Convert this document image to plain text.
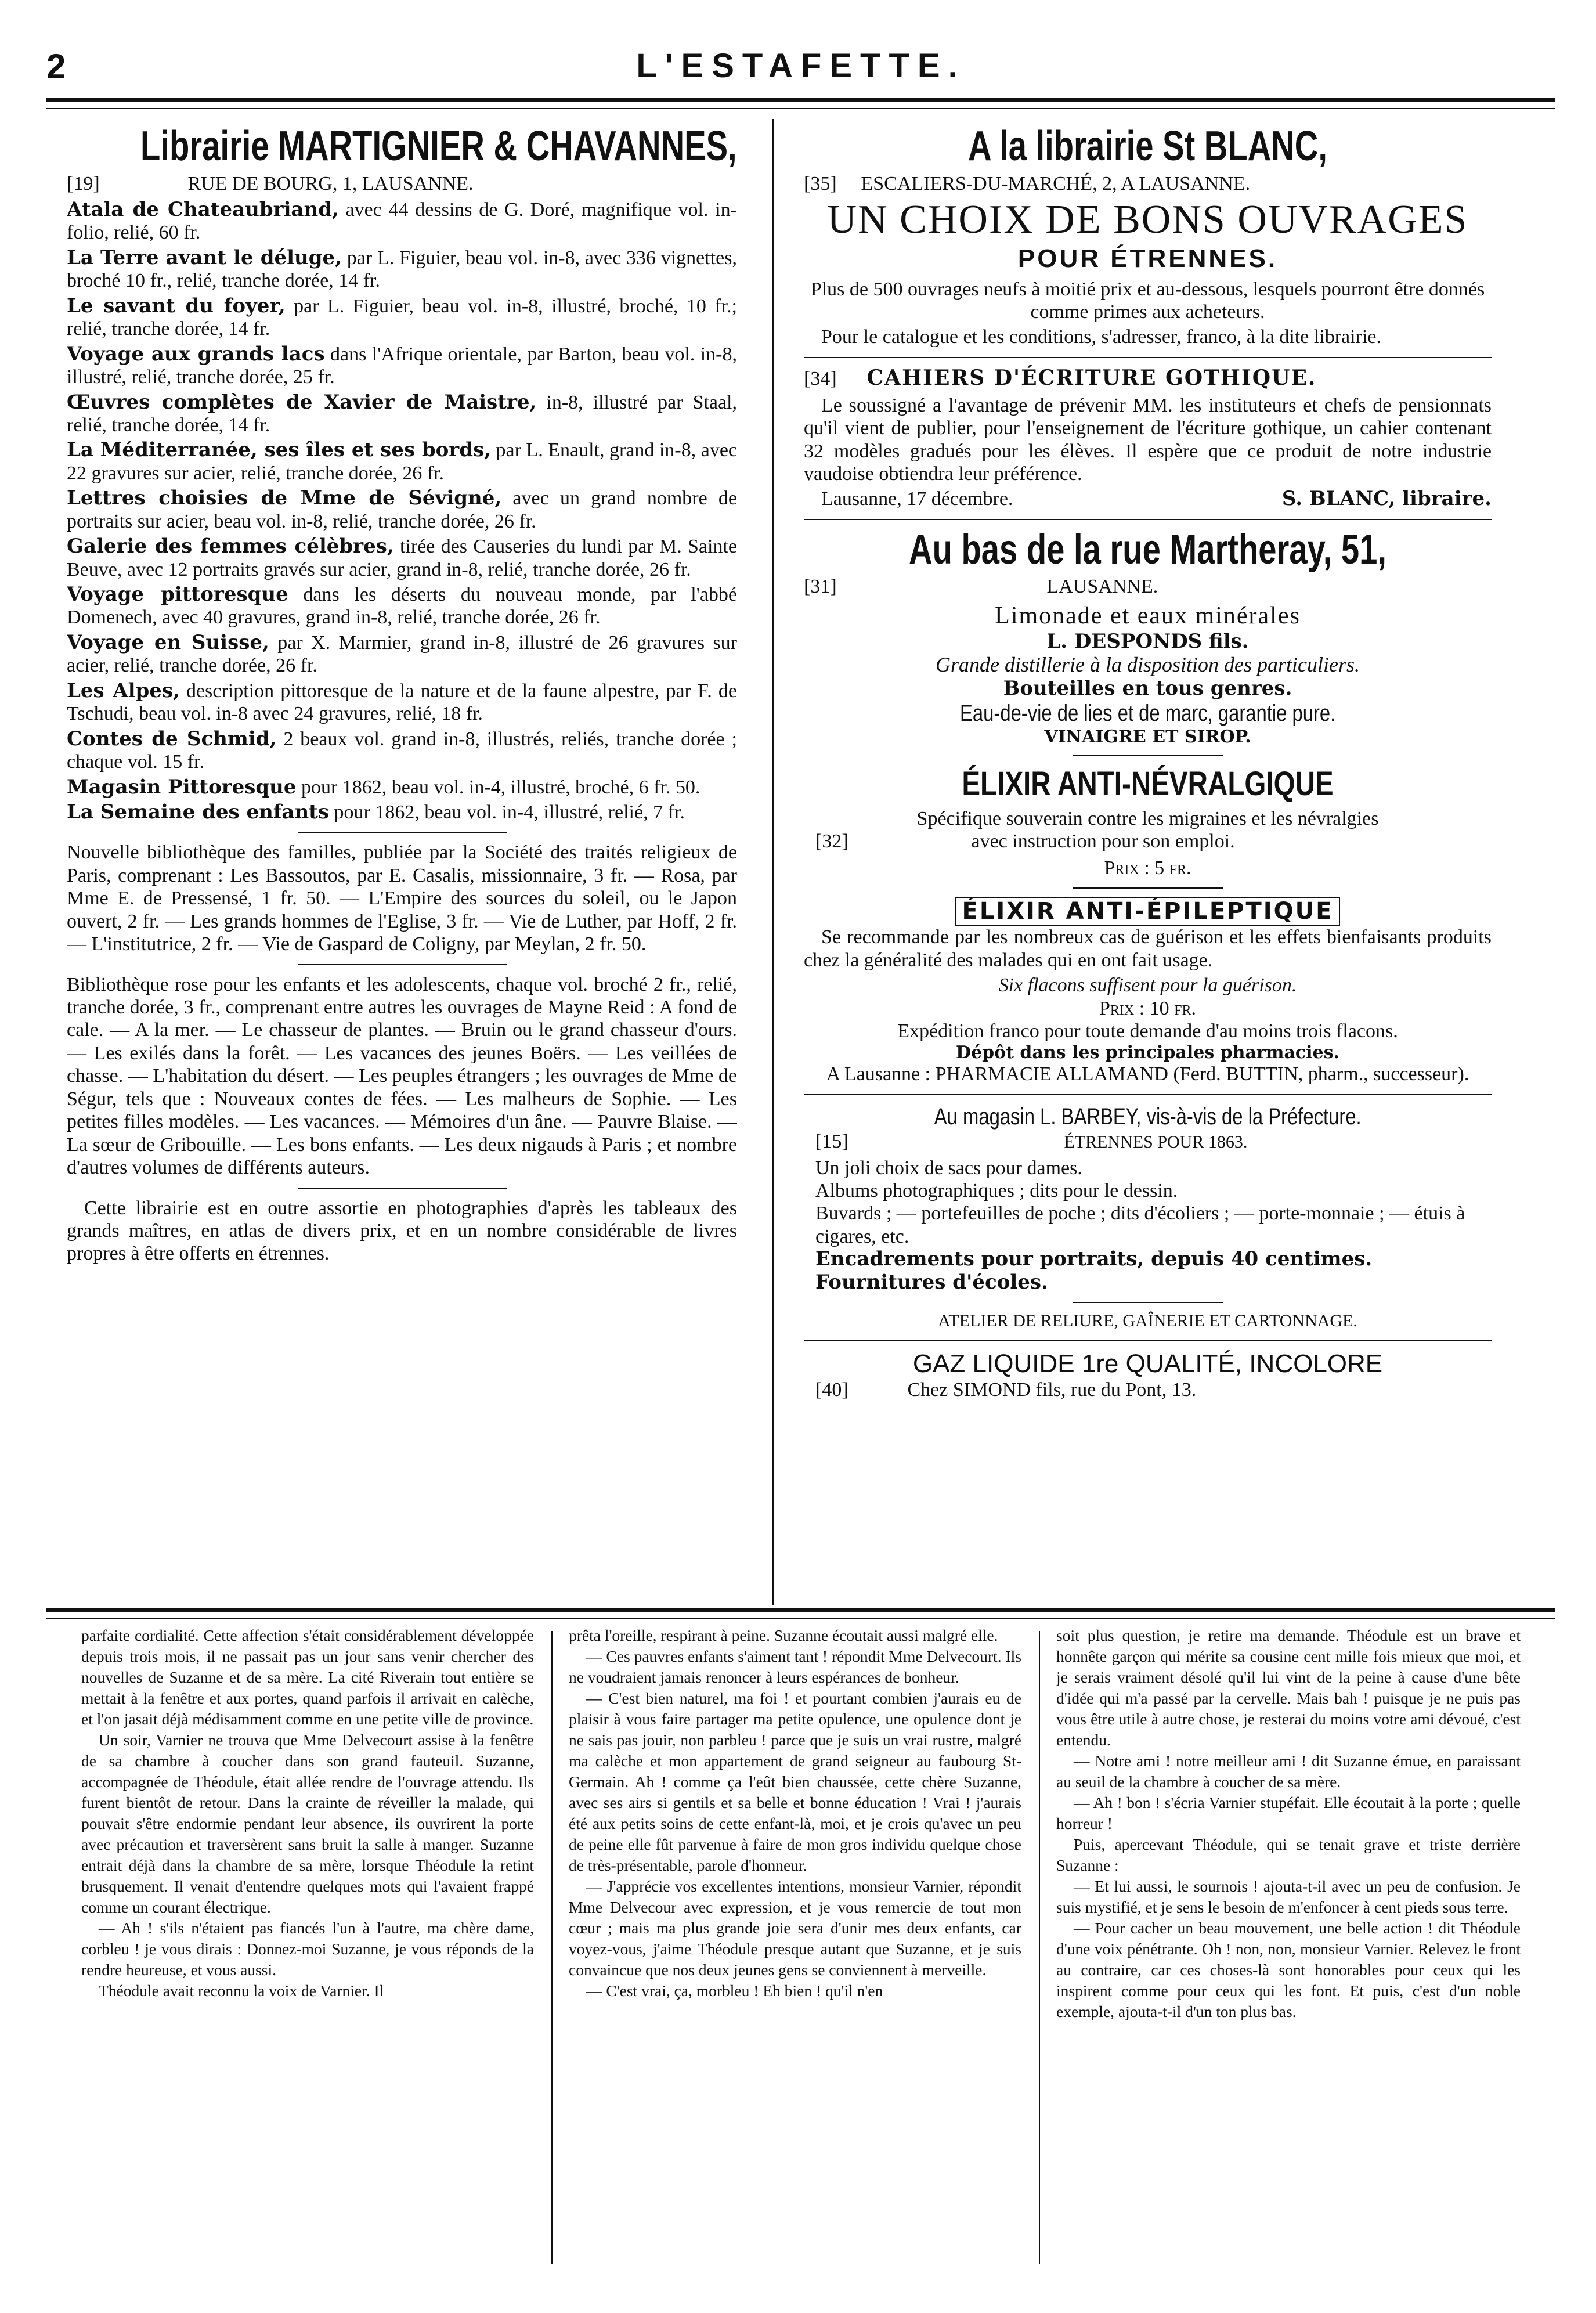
2	L'ESTAFETTE.
Librairie MARTIGNIER & CHAVANNES,
[19]	RUE DE BOURG, 1, LAUSANNE.

Atala de Chateaubriand, avec 44 dessins de G. Doré, magnifique vol. in-folio, relié, 60 fr.

La Terre avant le déluge, par L. Figuier, beau vol. in-8, avec 336 vignettes, broché 10 fr., relié, tranche dorée, 14 fr.

Le savant du foyer, par L. Figuier, beau vol. in-8, illustré, broché, 10 fr.; relié, tranche dorée, 14 fr.

Voyage aux grands lacs dans l'Afrique orientale, par Barton, beau vol. in-8, illustré, relié, tranche dorée, 25 fr.

Œuvres complètes de Xavier de Maistre, in-8, illustré par Staal, relié, tranche dorée, 14 fr.

La Méditerranée, ses îles et ses bords, par L. Enault, grand in-8, avec 22 gravures sur acier, relié, tranche dorée, 26 fr.

Lettres choisies de Mme de Sévigné, avec un grand nombre de portraits sur acier, beau vol. in-8, relié, tranche dorée, 26 fr.

Galerie des femmes célèbres, tirée des Causeries du lundi par M. Sainte Beuve, avec 12 portraits gravés sur acier, grand in-8, relié, tranche dorée, 26 fr.

Voyage pittoresque dans les déserts du nouveau monde, par l'abbé Domenech, avec 40 gravures, grand in-8, relié, tranche dorée, 26 fr.

Voyage en Suisse, par X. Marmier, grand in-8, illustré de 26 gravures sur acier, relié, tranche dorée, 26 fr.

Les Alpes, description pittoresque de la nature et de la faune alpestre, par F. de Tschudi, beau vol. in-8 avec 24 gravures, relié, 18 fr.

Contes de Schmid, 2 beaux vol. grand in-8, illustrés, reliés, tranche dorée ; chaque vol. 15 fr.

Magasin Pittoresque pour 1862, beau vol. in-4, illustré, broché, 6 fr. 50.

La Semaine des enfants pour 1862, beau vol. in-4, illustré, relié, 7 fr.

Nouvelle bibliothèque des familles, publiée par la Société des traités religieux de Paris, comprenant : Les Bassoutos, par E. Casalis, missionnaire, 3 fr. — Rosa, par Mme E. de Pressensé, 1 fr. 50. — L'Empire des sources du soleil, ou le Japon ouvert, 2 fr. — Les grands hommes de l'Eglise, 3 fr. — Vie de Luther, par Hoff, 2 fr. — L'institutrice, 2 fr. — Vie de Gaspard de Coligny, par Meylan, 2 fr. 50.

Bibliothèque rose pour les enfants et les adolescents, chaque vol. broché 2 fr., relié, tranche dorée, 3 fr., comprenant entre autres les ouvrages de Mayne Reid : A fond de cale. — A la mer. — Le chasseur de plantes. — Bruin ou le grand chasseur d'ours. — Les exilés dans la forêt. — Les vacances des jeunes Boërs. — Les veillées de chasse. — L'habitation du désert. — Les peuples étrangers ; les ouvrages de Mme de Ségur, tels que : Nouveaux contes de fées. — Les malheurs de Sophie. — Les petites filles modèles. — Les vacances. — Mémoires d'un âne. — Pauvre Blaise. — La sœur de Gribouille. — Les bons enfants. — Les deux nigauds à Paris ; et nombre d'autres volumes de différents auteurs.

Cette librairie est en outre assortie en photographies d'après les tableaux des grands maîtres, en atlas de divers prix, et en un nombre considérable de livres propres à être offerts en étrennes.

A la librairie St BLANC,
[35] ESCALIERS-DU-MARCHÉ, 2, A LAUSANNE.
UN CHOIX DE BONS OUVRAGES
POUR ÉTRENNES.

Plus de 500 ouvrages neufs à moitié prix et au-dessous, lesquels pourront être donnés comme primes aux acheteurs.

Pour le catalogue et les conditions, s'adresser, franco, à la dite librairie.

[34] CAHIERS D'ÉCRITURE GOTHIQUE.

Le soussigné a l'avantage de prévenir MM. les instituteurs et chefs de pensionnats qu'il vient de publier, pour l'enseignement de l'écriture gothique, un cahier contenant 32 modèles gradués pour les élèves. Il espère que ce produit de notre industrie vaudoise obtiendra leur préférence.

Lausanne, 17 décembre.	S. BLANC, libraire.

Au bas de la rue Martheray, 51,
[31]	LAUSANNE.
Limonade et eaux minérales
L. DESPONDS fils.
Grande distillerie à la disposition des particuliers.
Bouteilles en tous genres.
Eau-de-vie de lies et de marc, garantie pure.
VINAIGRE ET SIROP.
ÉLIXIR ANTI-NÉVRALGIQUE
Spécifique souverain contre les migraines et les névralgies
[32]	avec instruction pour son emploi.
Prix : 5 fr.
ÉLIXIR ANTI-ÉPILEPTIQUE

Se recommande par les nombreux cas de guérison et les effets bienfaisants produits chez la généralité des malades qui en ont fait usage.

Six flacons suffisent pour la guérison.
Prix : 10 fr.
Expédition franco pour toute demande d'au moins trois flacons.
Dépôt dans les principales pharmacies.
A Lausanne : PHARMACIE ALLAMAND (Ferd. BUTTIN, pharm., successeur).
Au magasin L. BARBEY, vis-à-vis de la Préfecture.
[15]	ÉTRENNES POUR 1863.
Un joli choix de sacs pour dames.
Albums photographiques ; dits pour le dessin.
Buvards ; — portefeuilles de poche ; dits d'écoliers ; — porte-monnaie ; — étuis à cigares, etc.
Encadrements pour portraits, depuis 40 centimes.
Fournitures d'écoles.
ATELIER DE RELIURE, GAÎNERIE ET CARTONNAGE.
GAZ LIQUIDE 1re QUALITÉ, INCOLORE
[40]	Chez SIMOND fils, rue du Pont, 13.

parfaite cordialité. Cette affection s'était considérablement développée depuis trois mois, il ne passait pas un jour sans venir chercher des nouvelles de Suzanne et de sa mère. La cité Riverain tout entière se mettait à la fenêtre et aux portes, quand parfois il arrivait en calèche, et l'on jasait déjà médisamment comme en une petite ville de province.

Un soir, Varnier ne trouva que Mme Delvecourt assise à la fenêtre de sa chambre à coucher dans son grand fauteuil. Suzanne, accompagnée de Théodule, était allée rendre de l'ouvrage attendu. Ils furent bientôt de retour. Dans la crainte de réveiller la malade, qui pouvait s'être endormie pendant leur absence, ils ouvrirent la porte avec précaution et traversèrent sans bruit la salle à manger. Suzanne entrait déjà dans la chambre de sa mère, lorsque Théodule la retint brusquement. Il venait d'entendre quelques mots qui l'avaient frappé comme un courant électrique.

— Ah ! s'ils n'étaient pas fiancés l'un à l'autre, ma chère dame, corbleu ! je vous dirais : Donnez-moi Suzanne, je vous réponds de la rendre heureuse, et vous aussi.

Théodule avait reconnu la voix de Varnier. Il

prêta l'oreille, respirant à peine. Suzanne écoutait aussi malgré elle.

— Ces pauvres enfants s'aiment tant ! répondit Mme Delvecourt. Ils ne voudraient jamais renoncer à leurs espérances de bonheur.

— C'est bien naturel, ma foi ! et pourtant combien j'aurais eu de plaisir à vous faire partager ma petite opulence, une opulence dont je ne sais pas jouir, non parbleu ! parce que je suis un vrai rustre, malgré ma calèche et mon appartement de grand seigneur au faubourg St-Germain. Ah ! comme ça l'eût bien chaussée, cette chère Suzanne, avec ses airs si gentils et sa belle et bonne éducation ! Vrai ! j'aurais été aux petits soins de cette enfant-là, moi, et je crois qu'avec un peu de peine elle fût parvenue à faire de mon gros individu quelque chose de très-présentable, parole d'honneur.

— J'apprécie vos excellentes intentions, monsieur Varnier, répondit Mme Delvecour avec expression, et je vous remercie de tout mon cœur ; mais ma plus grande joie sera d'unir mes deux enfants, car voyez-vous, j'aime Théodule presque autant que Suzanne, et je suis convaincue que nos deux jeunes gens se conviennent à merveille.

— C'est vrai, ça, morbleu ! Eh bien ! qu'il n'en

soit plus question, je retire ma demande. Théodule est un brave et honnête garçon qui mérite sa cousine cent mille fois mieux que moi, et je serais vraiment désolé qu'il lui vint de la peine à cause d'une bête d'idée qui m'a passé par la cervelle. Mais bah ! puisque je ne puis pas vous être utile à autre chose, je resterai du moins votre ami dévoué, c'est entendu.

— Notre ami ! notre meilleur ami ! dit Suzanne émue, en paraissant au seuil de la chambre à coucher de sa mère.

— Ah ! bon ! s'écria Varnier stupéfait. Elle écoutait à la porte ; quelle horreur !

Puis, apercevant Théodule, qui se tenait grave et triste derrière Suzanne :

— Et lui aussi, le sournois ! ajouta-t-il avec un peu de confusion. Je suis mystifié, et je sens le besoin de m'enfoncer à cent pieds sous terre.

— Pour cacher un beau mouvement, une belle action ! dit Théodule d'une voix pénétrante. Oh ! non, non, monsieur Varnier. Relevez le front au contraire, car ces choses-là sont honorables pour ceux qui les inspirent comme pour ceux qui les font. Et puis, c'est d'un noble exemple, ajouta-t-il d'un ton plus bas.
